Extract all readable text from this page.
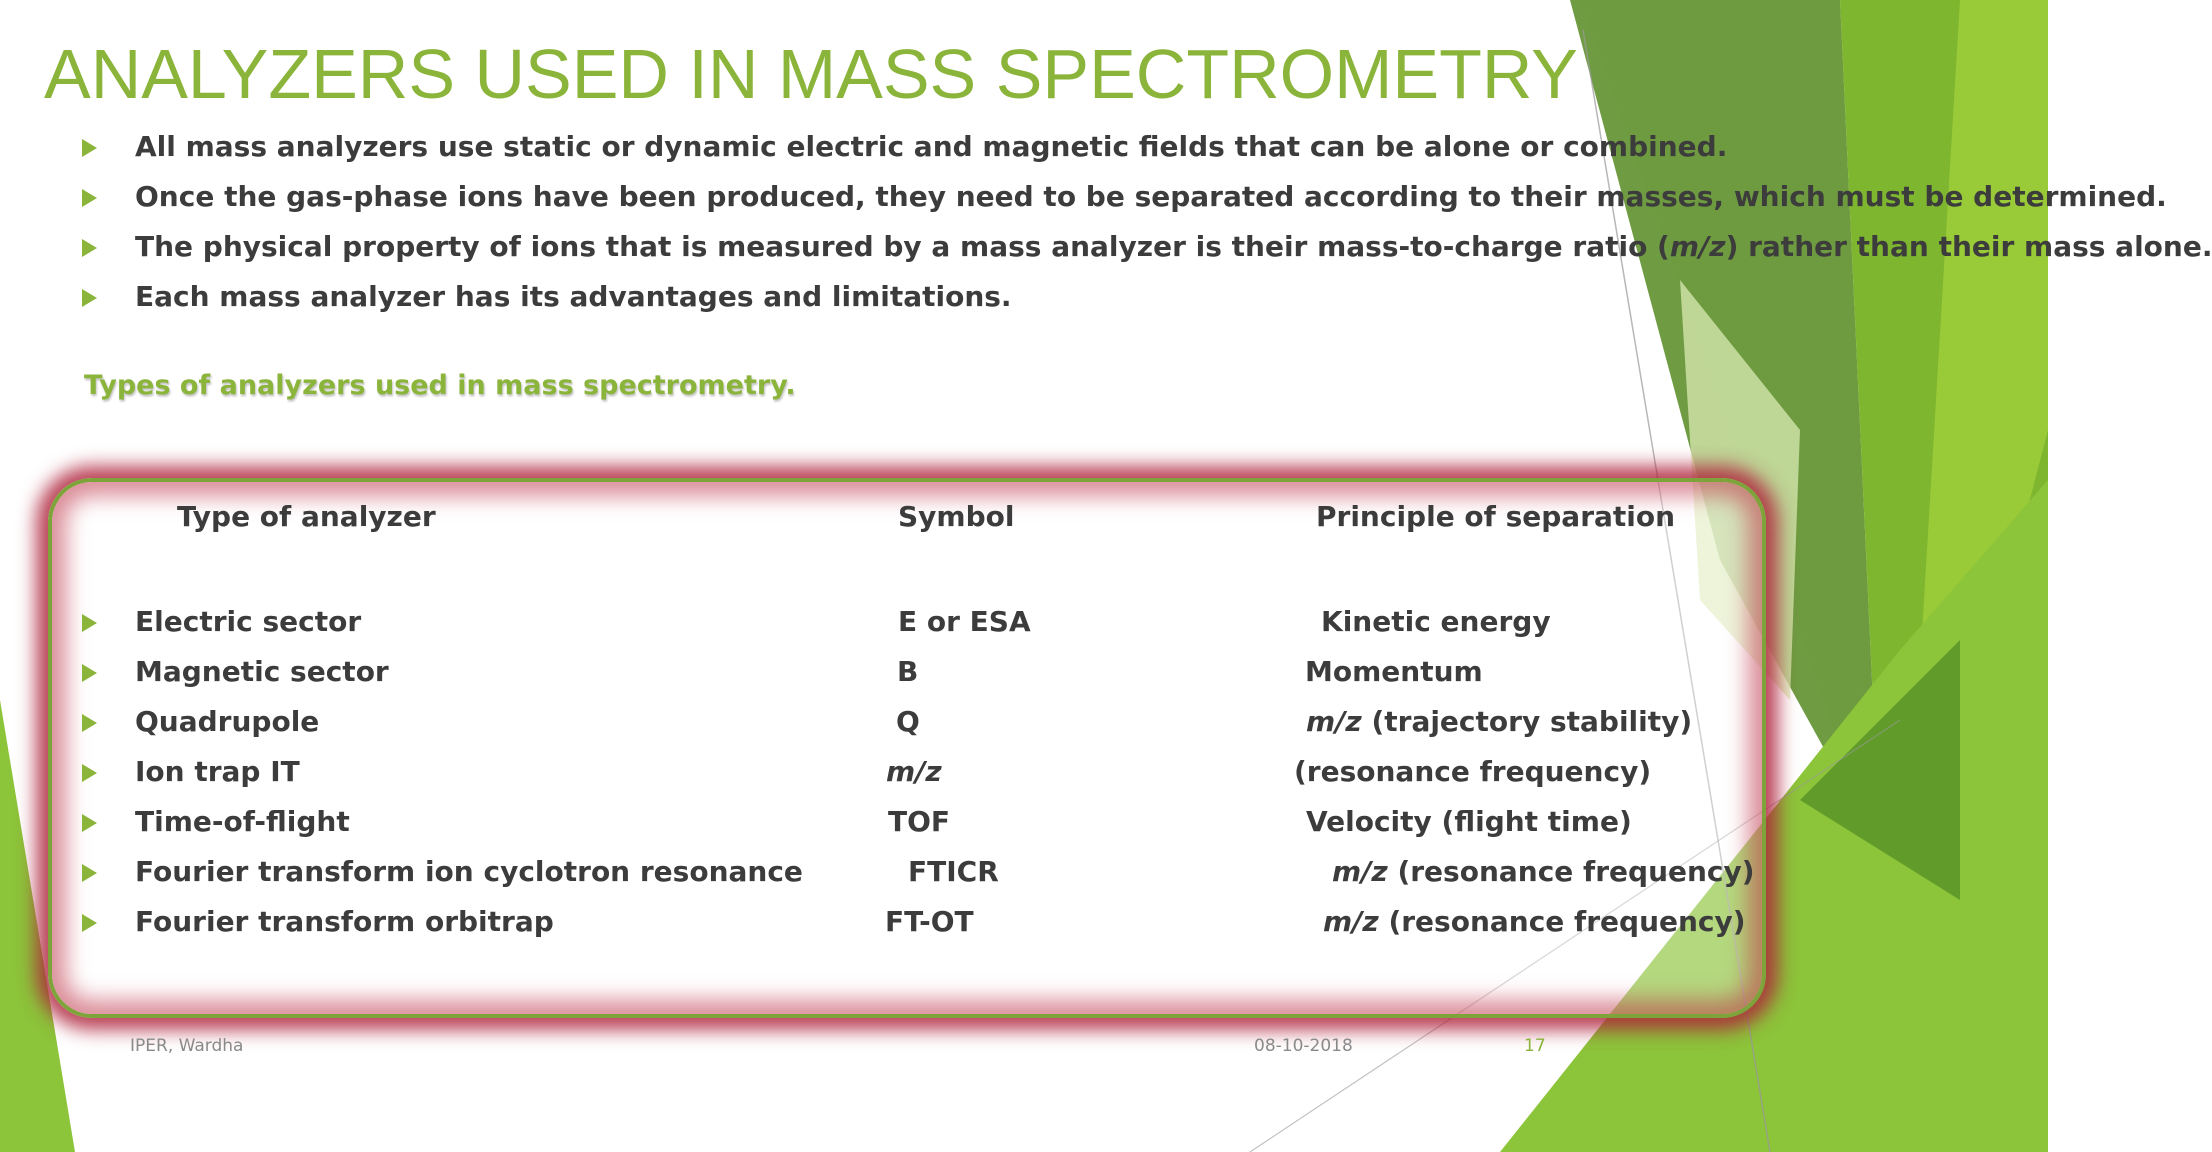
ANALYZERS USED IN MASS SPECTROMETRY
All mass analyzers use static or dynamic electric and magnetic fields that can be alone or combined.
Once the gas-phase ions have been produced, they need to be separated according to their masses, which must be determined.
The physical property of ions that is measured by a mass analyzer is their mass-to-charge ratio (m/z) rather than their mass alone.
Each mass analyzer has its advantages and limitations.
Types of analyzers used in mass spectrometry.
Type of analyzer	Symbol	Principle of separation
Electric sector	E or ESA	Kinetic energy
Magnetic sector	B	Momentum
Quadrupole	Q	m/z (trajectory stability)
Ion trap IT	m/z	(resonance frequency)
Time-of-flight	TOF	Velocity (flight time)
Fourier transform ion cyclotron resonance	FTICR	m/z (resonance frequency)
Fourier transform orbitrap	FT-OT	m/z (resonance frequency)
IPER, Wardha	08-10-2018	17
